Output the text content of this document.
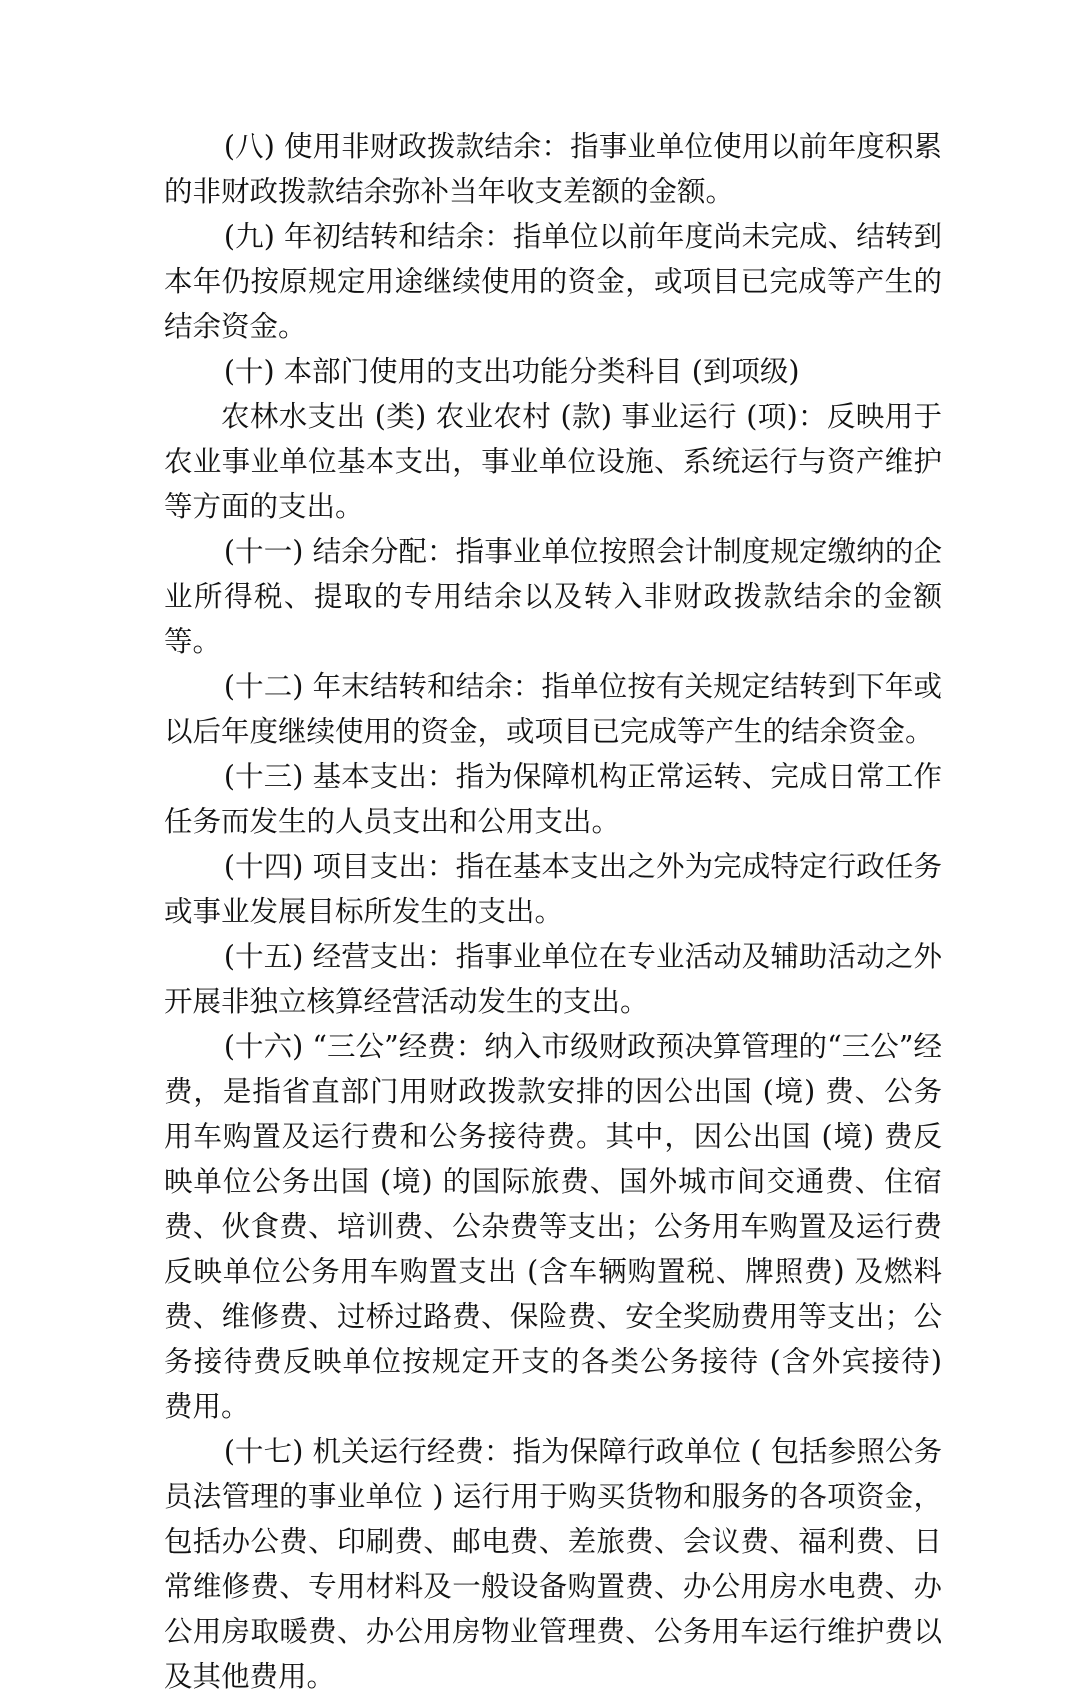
(八) 使用非财政拨款结余：指事业单位使用以前年度积累的非财政拨款结余弥补当年收支差额的金额。

(九) 年初结转和结余：指单位以前年度尚未完成、结转到本年仍按原规定用途继续使用的资金，或项目已完成等产生的结余资金。

(十) 本部门使用的支出功能分类科目 (到项级)

农林水支出 (类) 农业农村 (款) 事业运行 (项)：反映用于农业事业单位基本支出，事业单位设施、系统运行与资产维护等方面的支出。

(十一) 结余分配：指事业单位按照会计制度规定缴纳的企业所得税、提取的专用结余以及转入非财政拨款结余的金额等。

(十二) 年末结转和结余：指单位按有关规定结转到下年或以后年度继续使用的资金，或项目已完成等产生的结余资金。

(十三) 基本支出：指为保障机构正常运转、完成日常工作任务而发生的人员支出和公用支出。

(十四) 项目支出：指在基本支出之外为完成特定行政任务或事业发展目标所发生的支出。

(十五) 经营支出：指事业单位在专业活动及辅助活动之外开展非独立核算经营活动发生的支出。

(十六) “三公”经费：纳入市级财政预决算管理的“三公”经费，是指省直部门用财政拨款安排的因公出国 (境) 费、公务用车购置及运行费和公务接待费。其中，因公出国 (境) 费反映单位公务出国 (境) 的国际旅费、国外城市间交通费、住宿费、伙食费、培训费、公杂费等支出；公务用车购置及运行费反映单位公务用车购置支出 (含车辆购置税、牌照费) 及燃料费、维修费、过桥过路费、保险费、安全奖励费用等支出；公务接待费反映单位按规定开支的各类公务接待 (含外宾接待) 费用。

(十七) 机关运行经费：指为保障行政单位 ( 包括参照公务员法管理的事业单位 ) 运行用于购买货物和服务的各项资金，包括办公费、印刷费、邮电费、差旅费、会议费、福利费、日常维修费、专用材料及一般设备购置费、办公用房水电费、办公用房取暖费、办公用房物业管理费、公务用车运行维护费以及其他费用。
